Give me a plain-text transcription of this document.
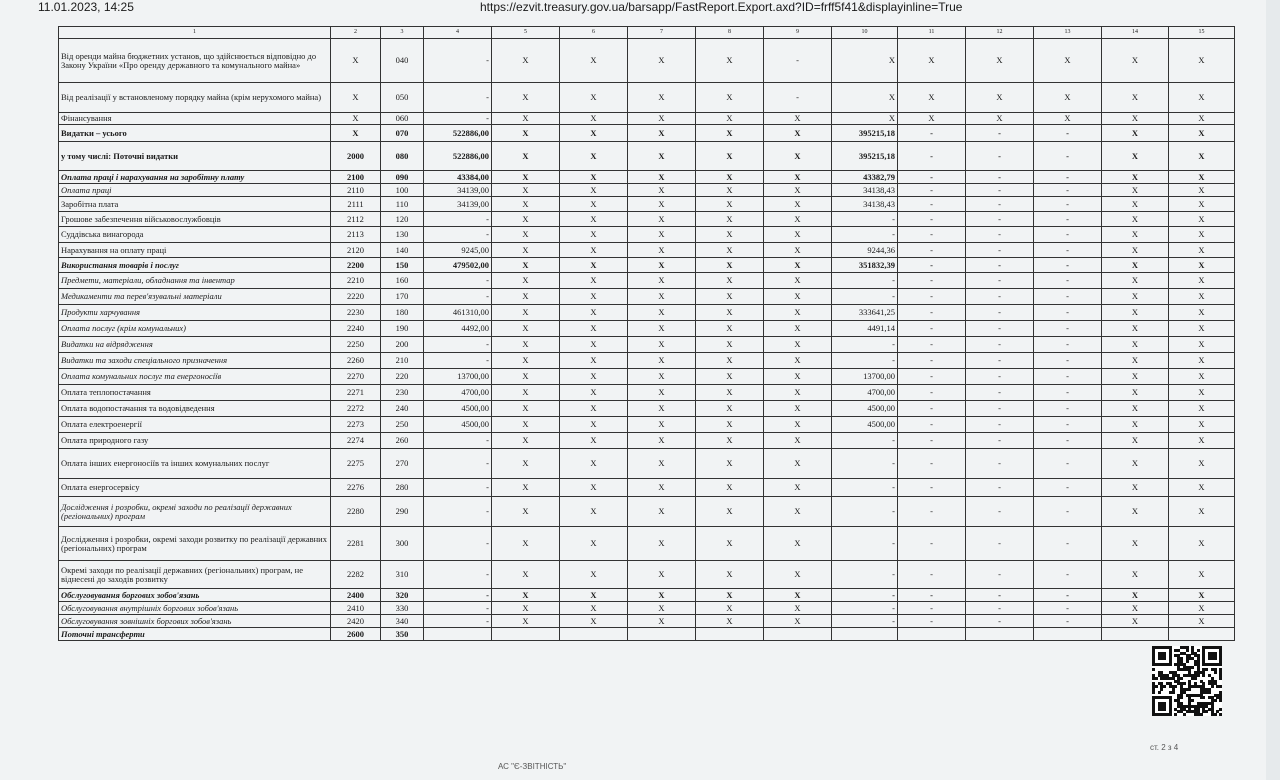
11.01.2023, 14:25	https://ezvit.treasury.gov.ua/barsapp/FastReport.Export.axd?ID=frff5f41&displayinline=True
1	2	3	4	5	6	7	8	9	10	11	12	13	14	15
Від оренди майна бюджетних установ, що здійснюється відповідно до Закону України «Про оренду державного та комунального майна»	X	040	-	X	X	X	X	-	X	X	X	X	X	X
Від реалізації у встановленому порядку майна (крім нерухомого майна)	X	050	-	X	X	X	X	-	X	X	X	X	X	X
Фінансування	X	060	-	X	X	X	X	X	X	X	X	X	X	X
Видатки – усього	X	070	522886,00	X	X	X	X	X	395215,18	-	-	-	X	X
у тому числі: Поточні видатки	2000	080	522886,00	X	X	X	X	X	395215,18	-	-	-	X	X
Оплата праці і нарахування на заробітну плату	2100	090	43384,00	X	X	X	X	X	43382,79	-	-	-	X	X
Оплата праці	2110	100	34139,00	X	X	X	X	X	34138,43	-	-	-	X	X
Заробітна плата	2111	110	34139,00	X	X	X	X	X	34138,43	-	-	-	X	X
Грошове забезпечення військовослужбовців	2112	120	-	X	X	X	X	X	-	-	-	-	X	X
Суддівська винагорода	2113	130	-	X	X	X	X	X	-	-	-	-	X	X
Нарахування на оплату праці	2120	140	9245,00	X	X	X	X	X	9244,36	-	-	-	X	X
Використання товарів і послуг	2200	150	479502,00	X	X	X	X	X	351832,39	-	-	-	X	X
Предмети, матеріали, обладнання та інвентар	2210	160	-	X	X	X	X	X	-	-	-	-	X	X
Медикаменти та перев'язувальні матеріали	2220	170	-	X	X	X	X	X	-	-	-	-	X	X
Продукти харчування	2230	180	461310,00	X	X	X	X	X	333641,25	-	-	-	X	X
Оплата послуг (крім комунальних)	2240	190	4492,00	X	X	X	X	X	4491,14	-	-	-	X	X
Видатки на відрядження	2250	200	-	X	X	X	X	X	-	-	-	-	X	X
Видатки та заходи спеціального призначення	2260	210	-	X	X	X	X	X	-	-	-	-	X	X
Оплата комунальних послуг та енергоносіїв	2270	220	13700,00	X	X	X	X	X	13700,00	-	-	-	X	X
Оплата теплопостачання	2271	230	4700,00	X	X	X	X	X	4700,00	-	-	-	X	X
Оплата водопостачання та водовідведення	2272	240	4500,00	X	X	X	X	X	4500,00	-	-	-	X	X
Оплата електроенергії	2273	250	4500,00	X	X	X	X	X	4500,00	-	-	-	X	X
Оплата природного газу	2274	260	-	X	X	X	X	X	-	-	-	-	X	X
Оплата інших енергоносіїв та інших комунальних послуг	2275	270	-	X	X	X	X	X	-	-	-	-	X	X
Оплата енергосервісу	2276	280	-	X	X	X	X	X	-	-	-	-	X	X
Дослідження і розробки, окремі заходи по реалізації державних (регіональних) програм	2280	290	-	X	X	X	X	X	-	-	-	-	X	X
Дослідження і розробки, окремі заходи розвитку по реалізації державних (регіональних) програм	2281	300	-	X	X	X	X	X	-	-	-	-	X	X
Окремі заходи по реалізації державних (регіональних) програм, не віднесені до заходів розвитку	2282	310	-	X	X	X	X	X	-	-	-	-	X	X
Обслуговування боргових зобов'язань	2400	320	-	X	X	X	X	X	-	-	-	-	X	X
Обслуговування внутрішніх боргових зобов'язань	2410	330	-	X	X	X	X	X	-	-	-	-	X	X
Обслуговування зовнішніх боргових зобов'язань	2420	340	-	X	X	X	X	X	-	-	-	-	X	X
Поточні трансферти	2600	350												
ст. 2 з 4
АС "Є-ЗВІТНІСТЬ"
